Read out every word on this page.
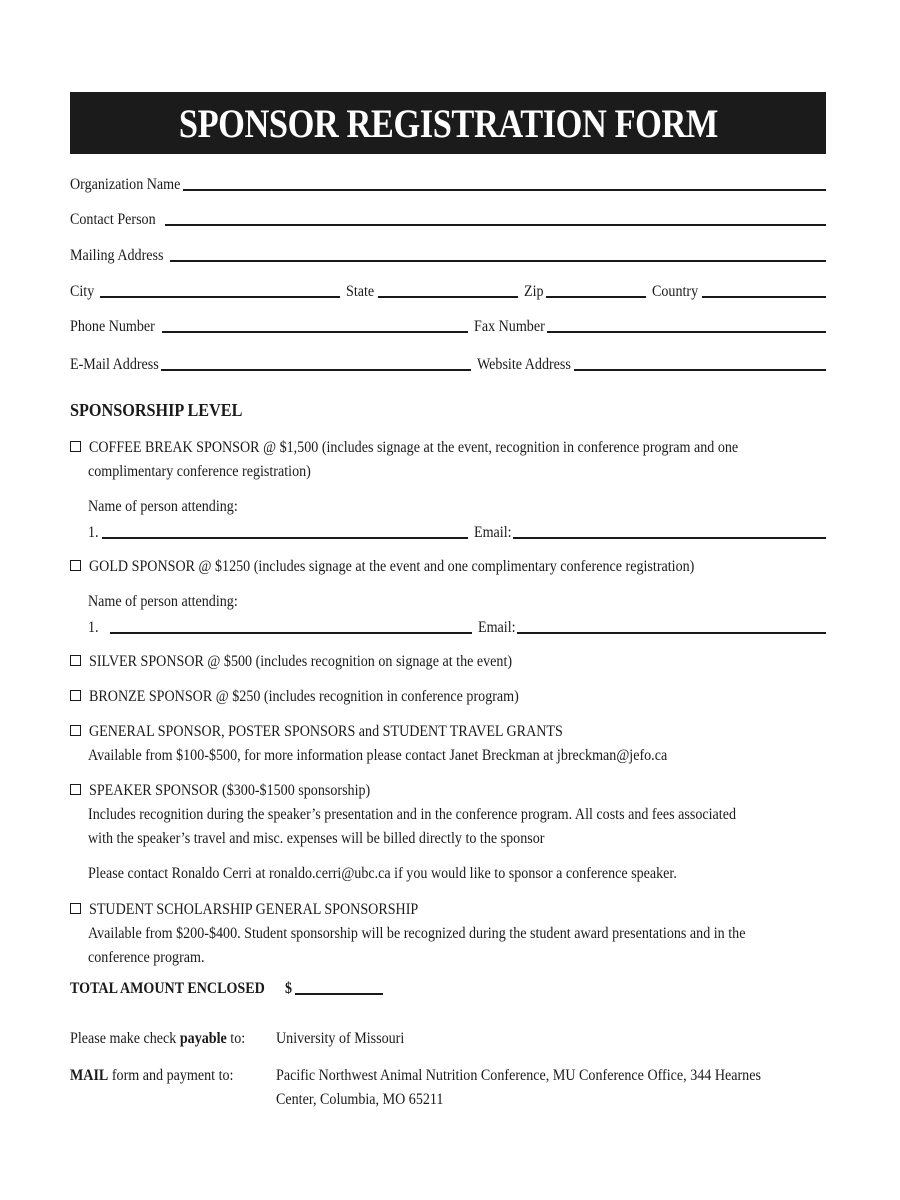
SPONSOR REGISTRATION FORM
Organization Name
Contact Person
Mailing Address
City	State	Zip	Country
Phone Number	Fax Number
E-Mail Address	Website Address
SPONSORSHIP LEVEL
COFFEE BREAK SPONSOR @ $1,500 (includes signage at the event, recognition in conference program and one
complimentary conference registration)
Name of person attending:
1.	Email:
GOLD SPONSOR @ $1250 (includes signage at the event and one complimentary conference registration)
Name of person attending:
1.	Email:
SILVER SPONSOR @ $500 (includes recognition on signage at the event)
BRONZE SPONSOR @ $250 (includes recognition in conference program)
GENERAL SPONSOR, POSTER SPONSORS and STUDENT TRAVEL GRANTS
Available from $100-$500, for more information please contact Janet Breckman at jbreckman@jefo.ca
SPEAKER SPONSOR ($300-$1500 sponsorship)
Includes recognition during the speaker’s presentation and in the conference program. All costs and fees associated
with the speaker’s travel and misc. expenses will be billed directly to the sponsor
Please contact Ronaldo Cerri at ronaldo.cerri@ubc.ca if you would like to sponsor a conference speaker.
STUDENT SCHOLARSHIP GENERAL SPONSORSHIP
Available from $200-$400. Student sponsorship will be recognized during the student award presentations and in the
conference program.
TOTAL AMOUNT ENCLOSED $
Please make check payable to: University of Missouri
MAIL form and payment to:	Pacific Northwest Animal Nutrition Conference, MU Conference Office, 344 Hearnes
Center, Columbia, MO 65211
